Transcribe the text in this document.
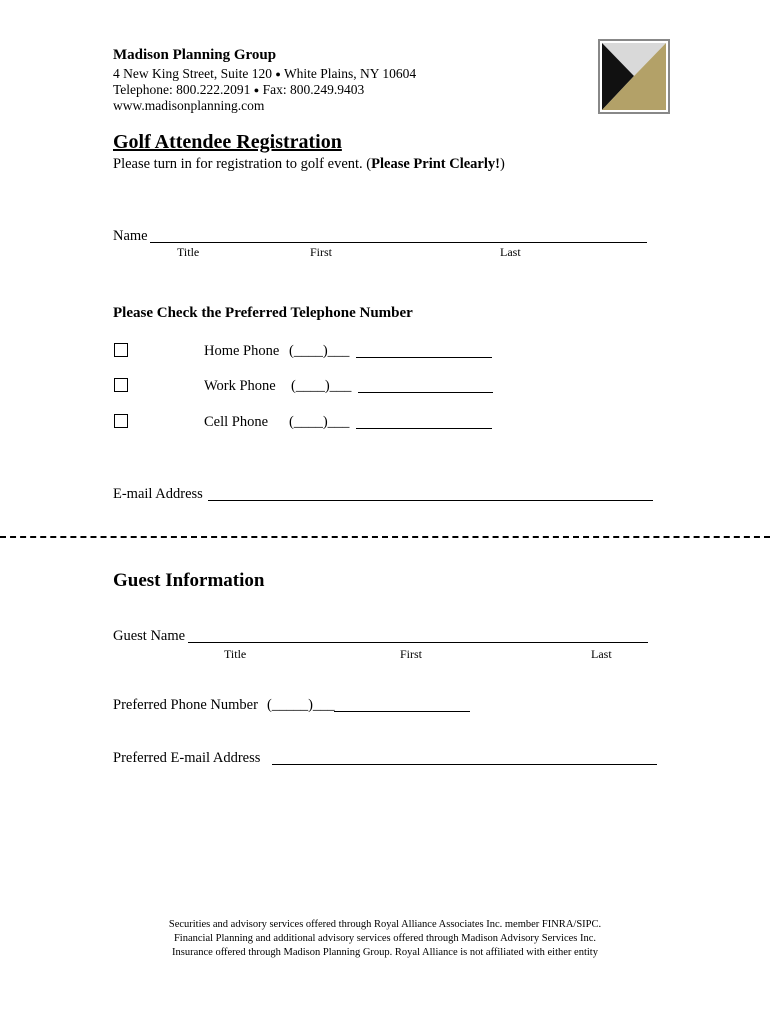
Madison Planning Group
4 New King Street, Suite 120 ● White Plains, NY 10604
Telephone: 800.222.2091 ● Fax: 800.249.9403
www.madisonplanning.com
Golf Attendee Registration
Please turn in for registration to golf event. (Please Print Clearly!)
Name
Title	First	Last
Please Check the Preferred Telephone Number
Home Phone (____)___
Work Phone (____)___
Cell Phone (____)___
E-mail Address
Guest Information
Guest Name
Title	First	Last
Preferred Phone Number (_____)___
Preferred E-mail Address
Securities and advisory services offered through Royal Alliance Associates Inc. member FINRA/SIPC.
Financial Planning and additional advisory services offered through Madison Advisory Services Inc.
Insurance offered through Madison Planning Group. Royal Alliance is not affiliated with either entity
